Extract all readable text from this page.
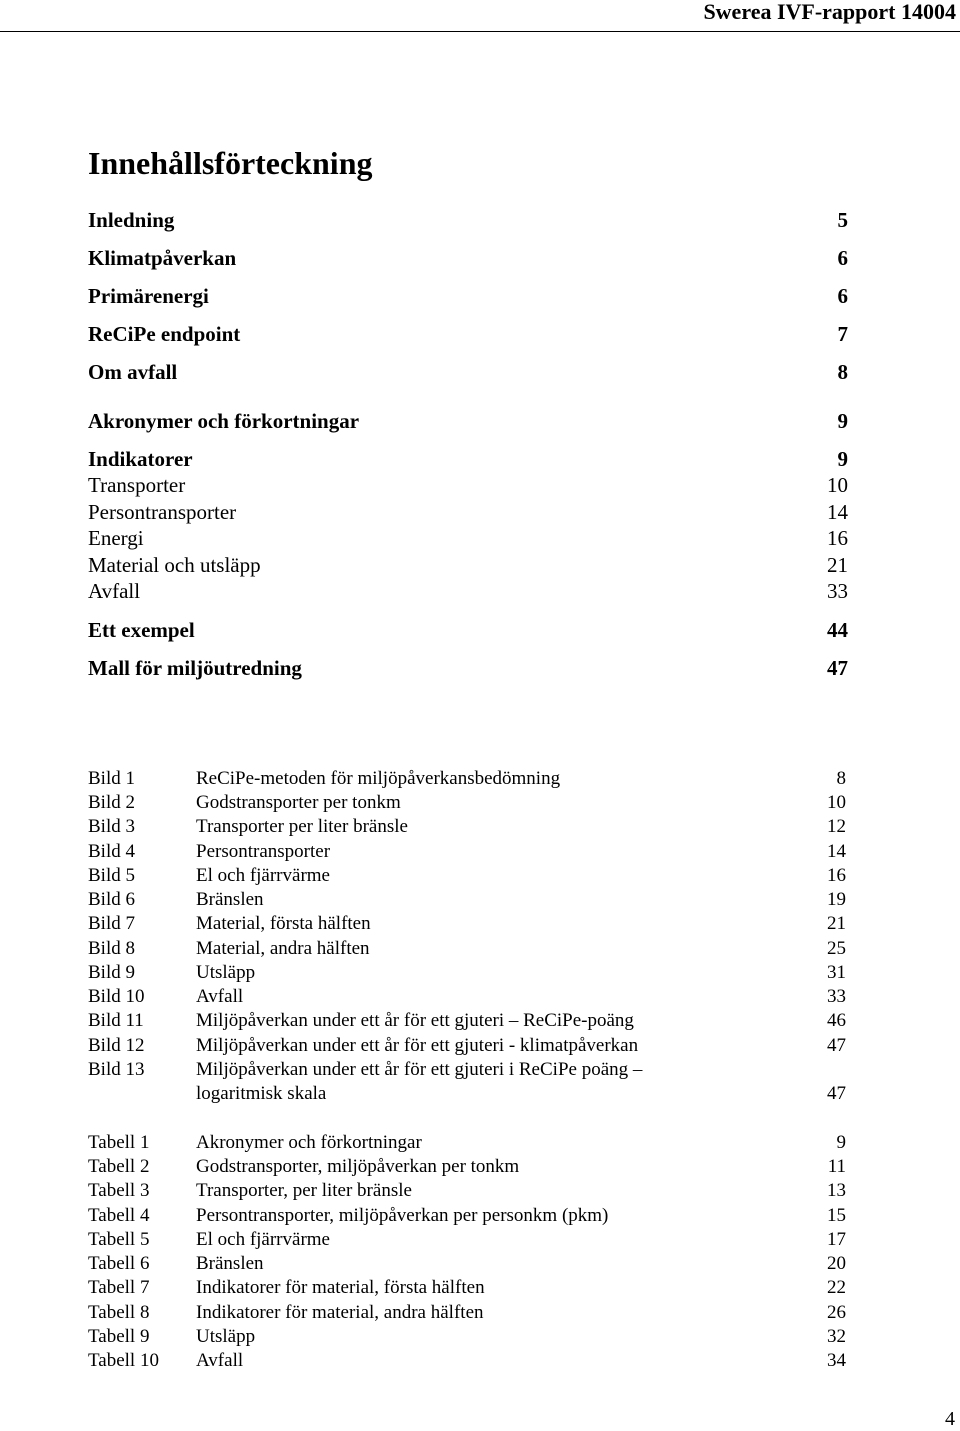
Swerea IVF-rapport 14004
Innehållsförteckning
Inledning	5
Klimatpåverkan	6
Primärenergi	6
ReCiPe endpoint	7
Om avfall	8
Akronymer och förkortningar	9
Indikatorer	9
Transporter	10
Persontransporter	14
Energi	16
Material och utsläpp	21
Avfall	33
Ett exempel	44
Mall för miljöutredning	47
Bild 1	ReCiPe-metoden för miljöpåverkansbedömning	8
Bild 2	Godstransporter per tonkm	10
Bild 3	Transporter per liter bränsle	12
Bild 4	Persontransporter	14
Bild 5	El och fjärrvärme	16
Bild 6	Bränslen	19
Bild 7	Material, första hälften	21
Bild 8	Material, andra hälften	25
Bild 9	Utsläpp	31
Bild 10	Avfall	33
Bild 11	Miljöpåverkan under ett år för ett gjuteri – ReCiPe-poäng	46
Bild 12	Miljöpåverkan under ett år för ett gjuteri - klimatpåverkan	47
Bild 13	Miljöpåverkan under ett år för ett gjuteri i ReCiPe poäng –
logaritmisk skala	47
Tabell 1 Akronymer och förkortningar	9
Tabell 2 Godstransporter, miljöpåverkan per tonkm	11
Tabell 3 Transporter, per liter bränsle	13
Tabell 4 Persontransporter, miljöpåverkan per personkm (pkm)	15
Tabell 5 El och fjärrvärme	17
Tabell 6 Bränslen	20
Tabell 7 Indikatorer för material, första hälften	22
Tabell 8 Indikatorer för material, andra hälften	26
Tabell 9 Utsläpp	32
Tabell 10 Avfall	34
4
